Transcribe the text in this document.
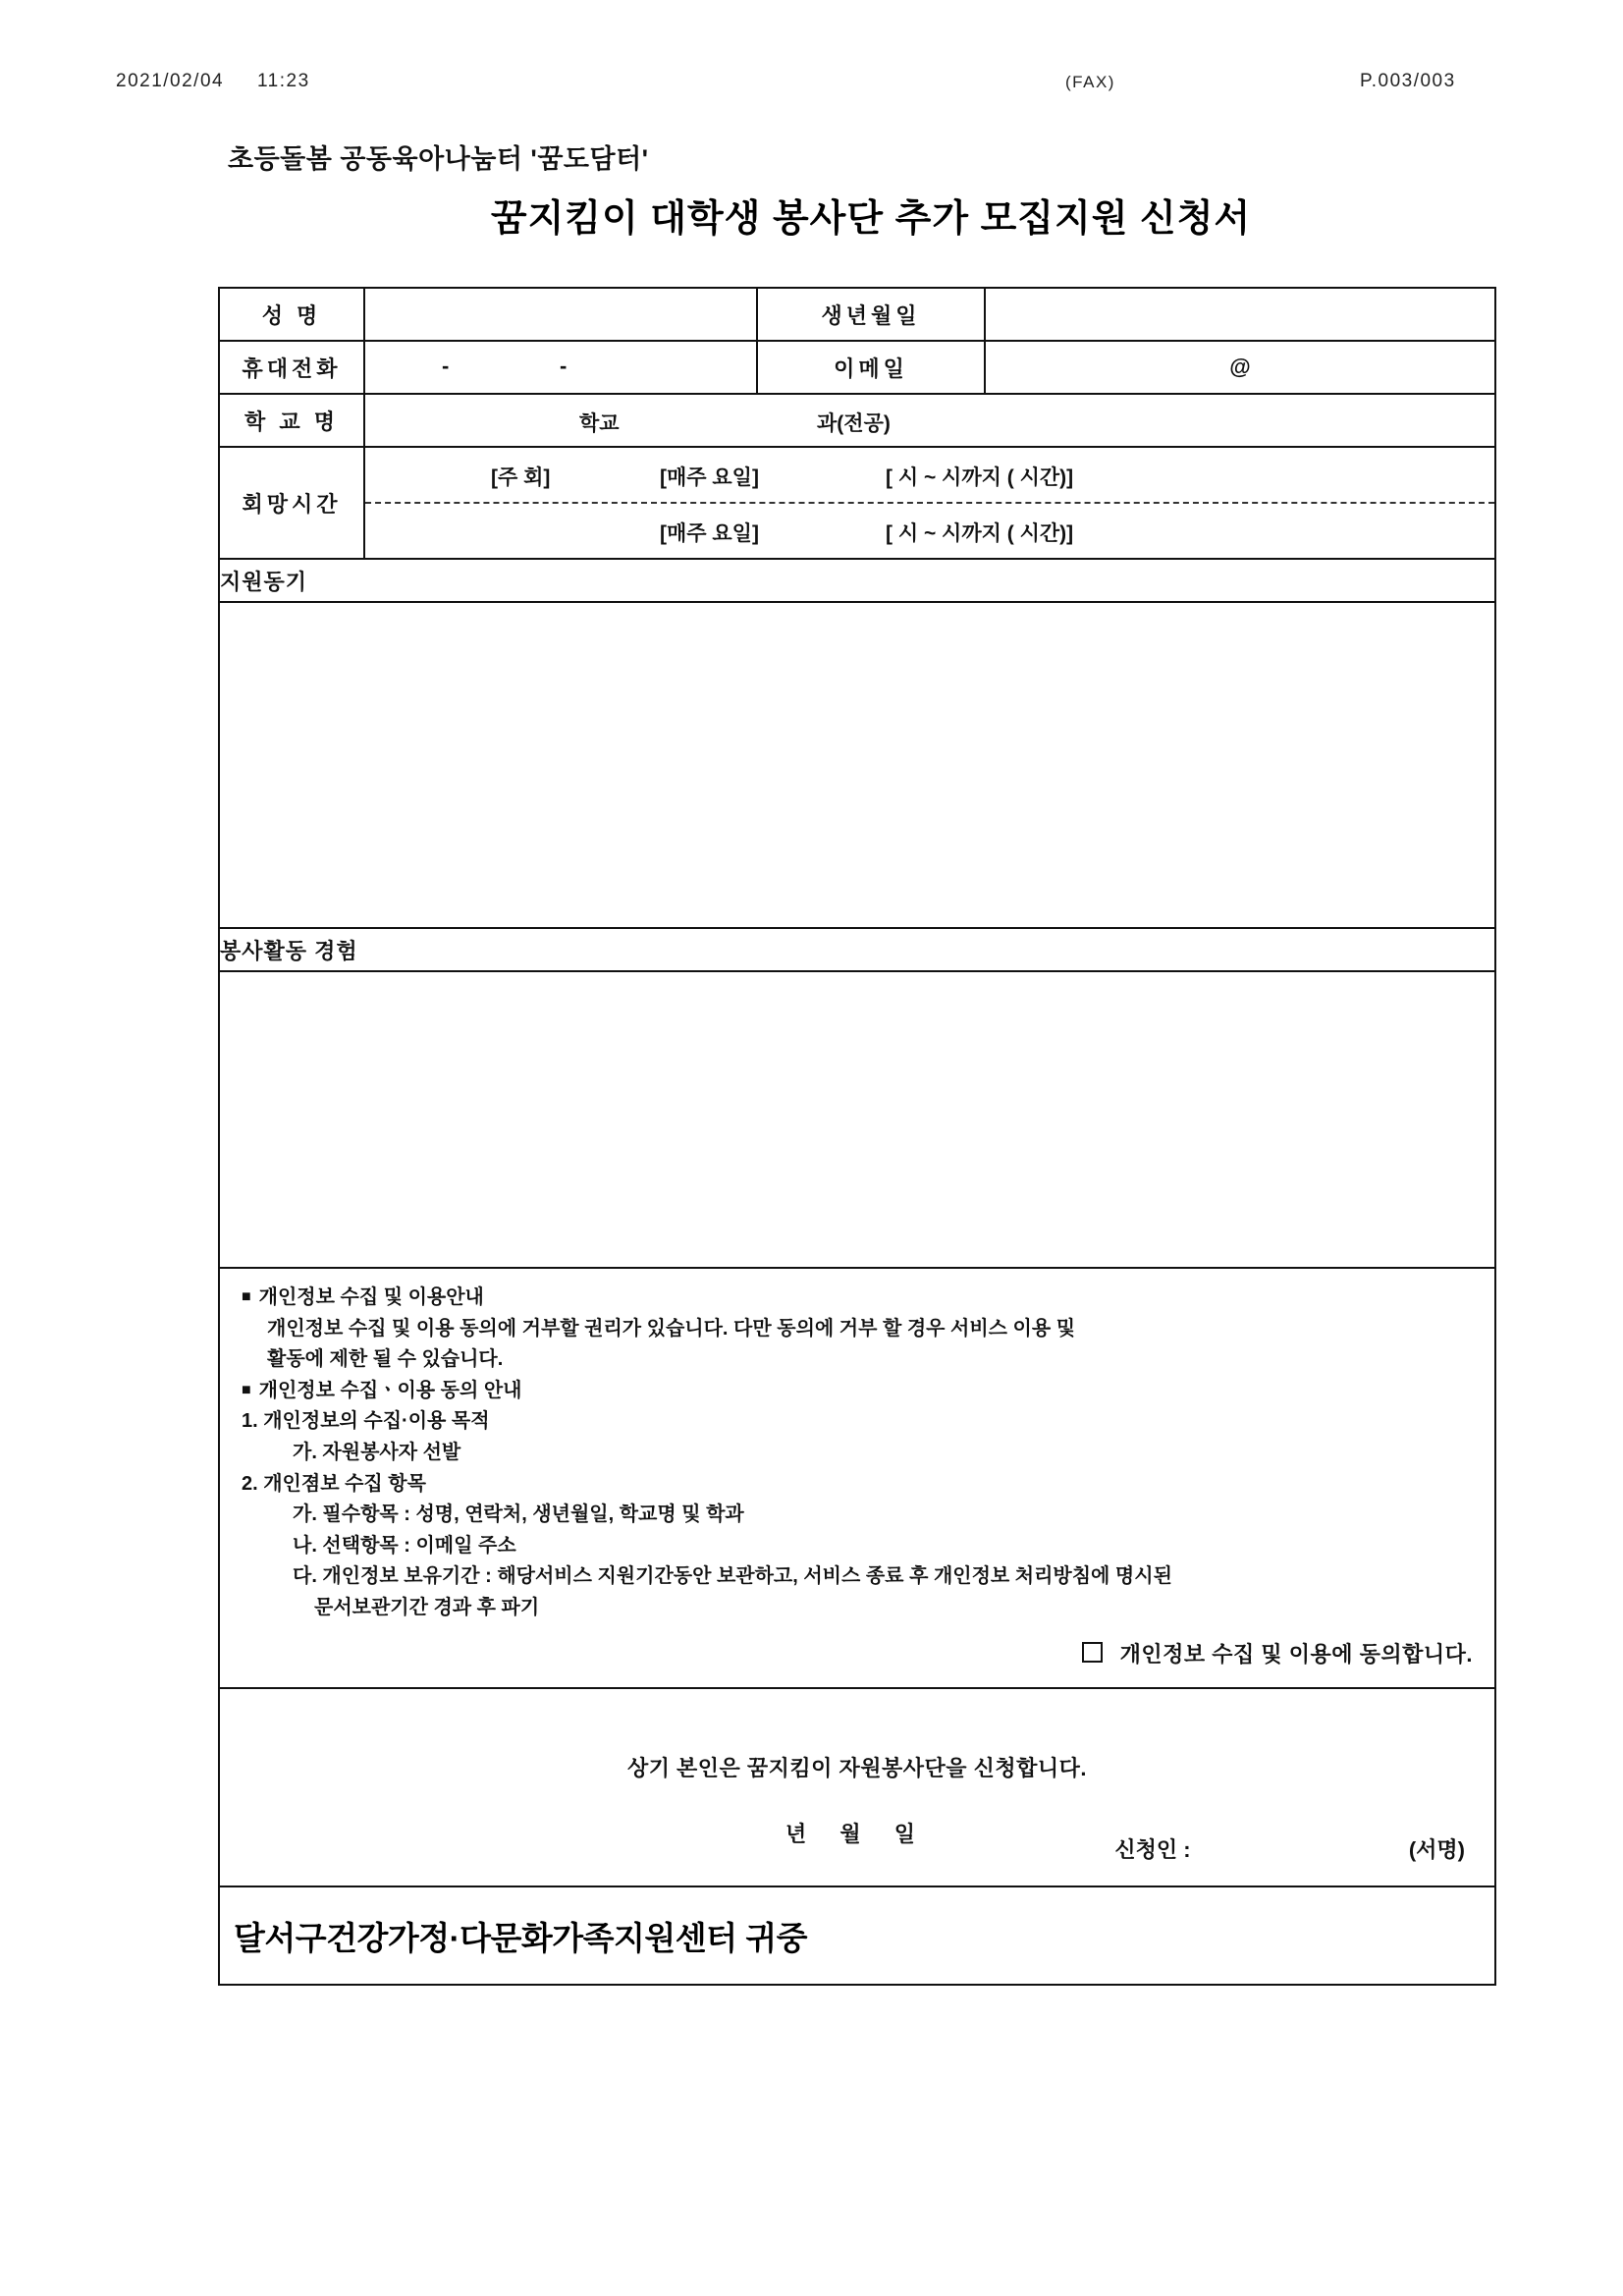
2021/02/04 11:23	(FAX)	P.003/003
초등돌봄 공동육아나눔터 '꿈도담터'
꿈지킴이 대학생 봉사단 추가 모집지원 신청서
성 명		생년월일	
휴대전화	- -	이메일	@
학 교 명	학교 과(전공)		

회망시간	[주 회] [매주 요일] [ 시 ~ 시까지 ( 시간)]
[매주 요일] [ 시 ~ 시까지 ( 시간)]		

지원동기			

봉사활동 경험			

■ 개인정보 수집 및 이용안내
개인정보 수집 및 이용 동의에 거부할 권리가 있습니다. 다만 동의에 거부 할 경우 서비스 이용 및
활동에 제한 될 수 있습니다.
■ 개인정보 수집ㆍ이용 동의 안내
1. 개인정보의 수집·이용 목적
가. 자원봉사자 선발
2. 개인졈보 수집 항목
가. 필수항목 : 성명, 연락처, 생년월일, 학교명 및 학과
나. 선택항목 : 이메일 주소
다. 개인정보 보유기간 : 해당서비스 지원기간동안 보관하고, 서비스 종료 후 개인정보 처리방침에 명시된
문서보관기간 경과 후 파기
개인정보 수집 및 이용에 동의합니다.

상기 본인은 꿈지킴이 자원봉사단을 신청합니다.
년 월 일
신청인 : (서명)			

달서구건강가정·다문화가족지원센터 귀중			
